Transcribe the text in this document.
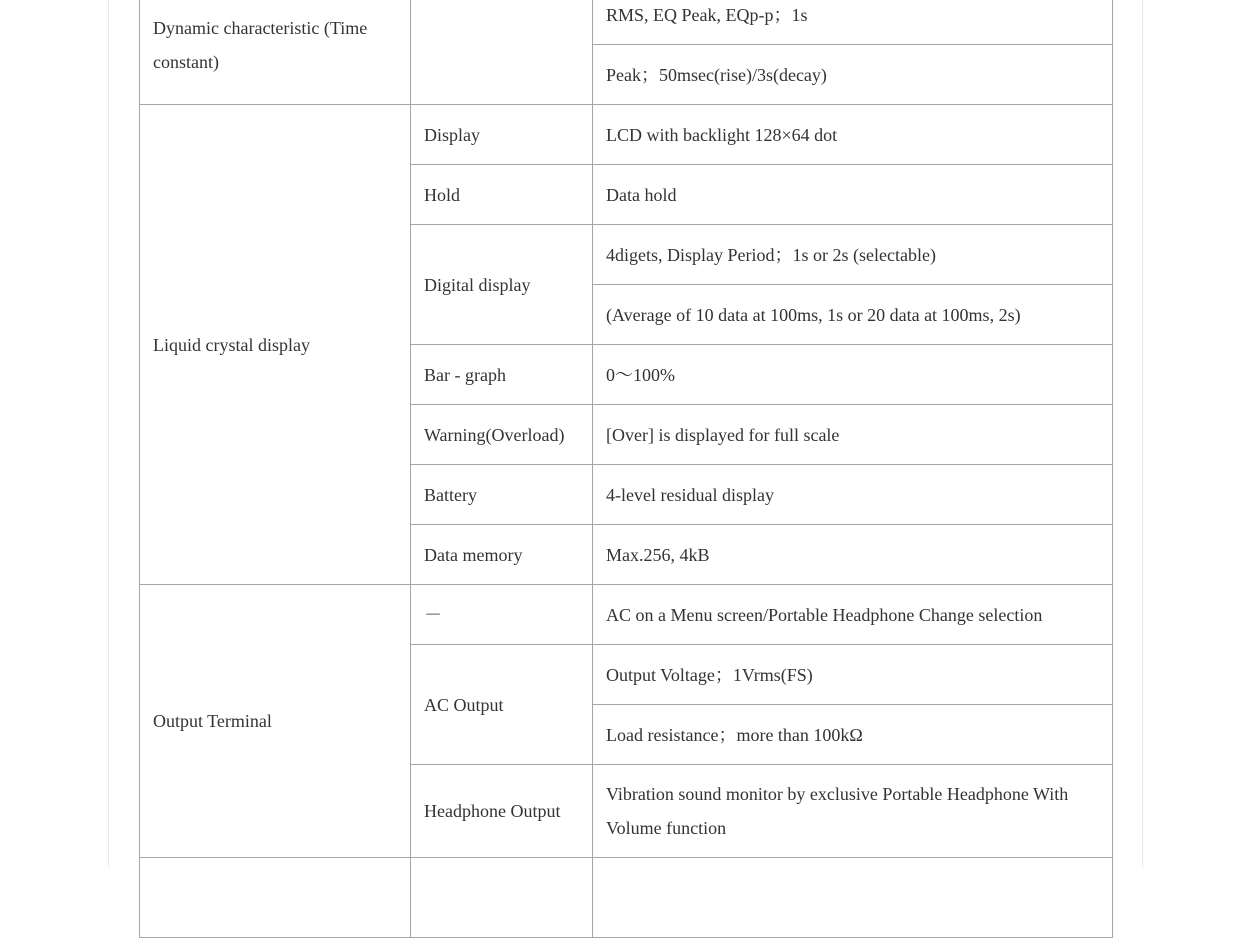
Dynamic characteristic (Time constant)		RMS, EQ Peak, EQp-p；1s
		Peak；50msec(rise)/3s(decay)
Liquid crystal display	Display	LCD with backlight 128×64 dot
	Hold	Data hold
	Digital display	4digets, Display Period；1s or 2s (selectable)
		(Average of 10 data at 100ms, 1s or 20 data at 100ms, 2s)
	Bar - graph	0～100%
	Warning(Overload)	[Over] is displayed for full scale
	Battery	4-level residual display
	Data memory	Max.256, 4kB
Output Terminal	－	AC on a Menu screen/Portable Headphone Change selection
	AC Output	Output Voltage；1Vrms(FS)
		Load resistance；more than 100kΩ
	Headphone Output	Vibration sound monitor by exclusive Portable Headphone With Volume function
